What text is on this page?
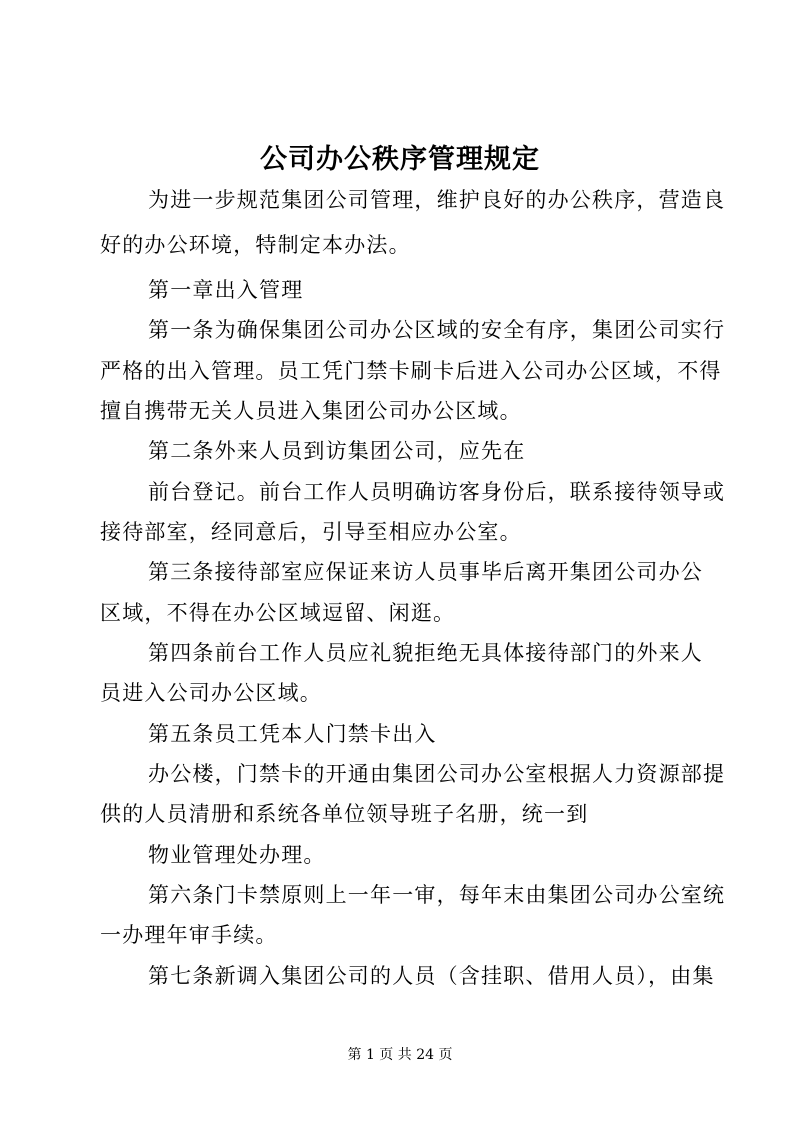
公司办公秩序管理规定
为进一步规范集团公司管理，维护良好的办公秩序，营造良
好的办公环境，特制定本办法。
第一章出入管理
第一条为确保集团公司办公区域的安全有序，集团公司实行
严格的出入管理。员工凭门禁卡刷卡后进入公司办公区域，不得
擅自携带无关人员进入集团公司办公区域。
第二条外来人员到访集团公司，应先在
前台登记。前台工作人员明确访客身份后，联系接待领导或
接待部室，经同意后，引导至相应办公室。
第三条接待部室应保证来访人员事毕后离开集团公司办公
区域，不得在办公区域逗留、闲逛。
第四条前台工作人员应礼貌拒绝无具体接待部门的外来人
员进入公司办公区域。
第五条员工凭本人门禁卡出入
办公楼，门禁卡的开通由集团公司办公室根据人力资源部提
供的人员清册和系统各单位领导班子名册，统一到
物业管理处办理。
第六条门卡禁原则上一年一审，每年末由集团公司办公室统
一办理年审手续。
第七条新调入集团公司的人员（含挂职、借用人员），由集
第 1 页 共 24 页
